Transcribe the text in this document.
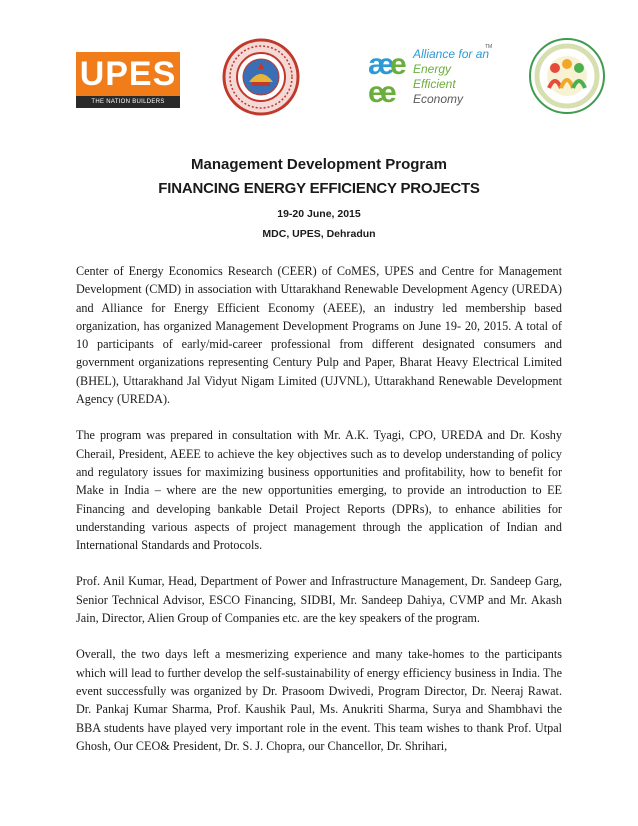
UPES
THE NATION BUILDERS UNIVERSITY
æ
e
e
e Alliance for an
Energy Efficient
Economy
TM
Management Development Program
FINANCING ENERGY EFFICIENCY PROJECTS
19-20 June, 2015
MDC, UPES, Dehradun

Center of Energy Economics Research (CEER) of CoMES, UPES and Centre for Management Development (CMD) in association with Uttarakhand Renewable Development Agency (UREDA) and Alliance for Energy Efficient Economy (AEEE), an industry led membership based organization, has organized Management Development Programs on June 19- 20, 2015. A total of 10 participants of early/mid-career professional from different designated consumers and government organizations representing Century Pulp and Paper, Bharat Heavy Electrical Limited (BHEL), Uttarakhand Jal Vidyut Nigam Limited (UJVNL), Uttarakhand Renewable Development Agency (UREDA).

The program was prepared in consultation with Mr. A.K. Tyagi, CPO, UREDA and Dr. Koshy Cherail, President, AEEE to achieve the key objectives such as to develop understanding of policy and regulatory issues for maximizing business opportunities and profitability, how to benefit for Make in India – where are the new opportunities emerging, to provide an introduction to EE Financing and developing bankable Detail Project Reports (DPRs), to enhance abilities for understanding various aspects of project management through the application of Indian and International Standards and Protocols.

Prof. Anil Kumar, Head, Department of Power and Infrastructure Management, Dr. Sandeep Garg, Senior Technical Advisor, ESCO Financing, SIDBI, Mr. Sandeep Dahiya, CVMP and Mr. Akash Jain, Director, Alien Group of Companies etc. are the key speakers of the program.

Overall, the two days left a mesmerizing experience and many take-homes to the participants which will lead to further develop the self-sustainability of energy efficiency business in India. The event successfully was organized by Dr. Prasoom Dwivedi, Program Director, Dr. Neeraj Rawat. Dr. Pankaj Kumar Sharma, Prof. Kaushik Paul, Ms. Anukriti Sharma, Surya and Shambhavi the BBA students have played very important role in the event. This team wishes to thank Prof. Utpal Ghosh, Our CEO& President, Dr. S. J. Chopra, our Chancellor, Dr. Shrihari,
